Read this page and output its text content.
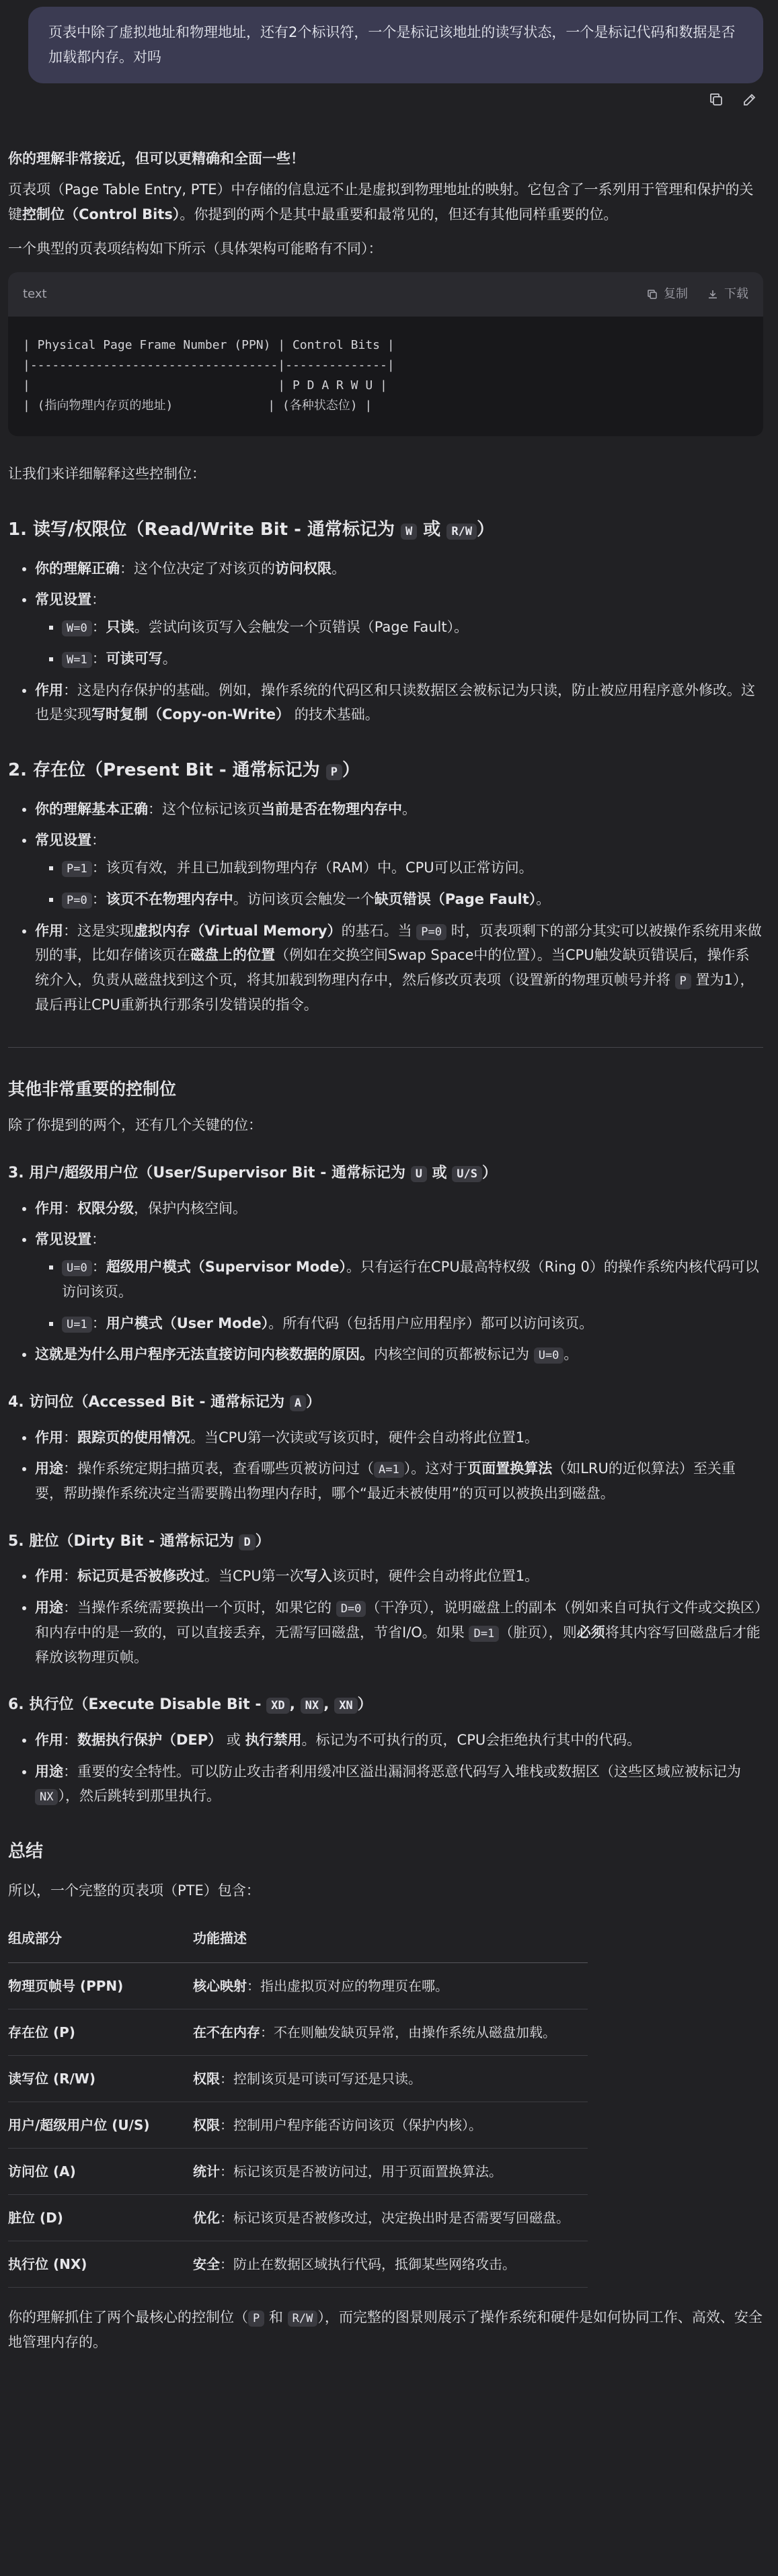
页表中除了虚拟地址和物理地址，还有2个标识符，一个是标记该地址的读写状态，一个是标记代码和数据是否加载都内存。对吗

你的理解非常接近，但可以更精确和全面一些！

页表项（Page Table Entry, PTE）中存储的信息远不止是虚拟到物理地址的映射。它包含了一系列用于管理和保护的关键控制位（Control Bits）。你提到的两个是其中最重要和最常见的，但还有其他同样重要的位。

一个典型的页表项结构如下所示（具体架构可能略有不同）：

text	复制	下载
| Physical Page Frame Number (PPN) | Control Bits |
|----------------------------------|--------------|
|                                  | P D A R W U |
| (指向物理内存页的地址)             | (各种状态位) |

让我们来详细解释这些控制位：

1. 读写/权限位（Read/Write Bit - 通常标记为 W 或 R/W ）
• 你的理解正确：这个位决定了对该页的访问权限。
• 常见设置：
▪ W=0 ：只读。尝试向该页写入会触发一个页错误（Page Fault）。
▪ W=1 ：可读可写。
• 作用：这是内存保护的基础。例如，操作系统的代码区和只读数据区会被标记为只读，防止被应用程序意外修改。这也是实现写时复制（Copy-on-Write） 的技术基础。
2. 存在位（Present Bit - 通常标记为 P ）
• 你的理解基本正确：这个位标记该页当前是否在物理内存中。
• 常见设置：
▪ P=1 ：该页有效，并且已加载到物理内存（RAM）中。CPU可以正常访问。
▪ P=0 ：该页不在物理内存中。访问该页会触发一个缺页错误（Page Fault）。
• 作用：这是实现虚拟内存（Virtual Memory）的基石。当 P=0 时，页表项剩下的部分其实可以被操作系统用来做别的事，比如存储该页在磁盘上的位置（例如在交换空间Swap Space中的位置）。当CPU触发缺页错误后，操作系统介入，负责从磁盘找到这个页，将其加载到物理内存中，然后修改页表项（设置新的物理页帧号并将 P 置为1），最后再让CPU重新执行那条引发错误的指令。
其他非常重要的控制位

除了你提到的两个，还有几个关键的位：

3. 用户/超级用户位（User/Supervisor Bit - 通常标记为 U 或 U/S ）
• 作用：权限分级，保护内核空间。
• 常见设置：
▪ U=0 ：超级用户模式（Supervisor Mode）。只有运行在CPU最高特权级（Ring 0）的操作系统内核代码可以访问该页。
▪ U=1 ：用户模式（User Mode）。所有代码（包括用户应用程序）都可以访问该页。
• 这就是为什么用户程序无法直接访问内核数据的原因。内核空间的页都被标记为 U=0 。
4. 访问位（Accessed Bit - 通常标记为 A ）
• 作用：跟踪页的使用情况。当CPU第一次读或写该页时，硬件会自动将此位置1。
• 用途：操作系统定期扫描页表，查看哪些页被访问过（ A=1 ）。这对于页面置换算法（如LRU的近似算法）至关重要，帮助操作系统决定当需要腾出物理内存时，哪个“最近未被使用”的页可以被换出到磁盘。
5. 脏位（Dirty Bit - 通常标记为 D ）
• 作用：标记页是否被修改过。当CPU第一次写入该页时，硬件会自动将此位置1。
• 用途：当操作系统需要换出一个页时，如果它的 D=0 （干净页），说明磁盘上的副本（例如来自可执行文件或交换区）和内存中的是一致的，可以直接丢弃，无需写回磁盘，节省I/O。如果 D=1 （脏页），则必须将其内容写回磁盘后才能释放该物理页帧。
6. 执行位（Execute Disable Bit - XD , NX , XN ）
• 作用：数据执行保护（DEP） 或 执行禁用。标记为不可执行的页，CPU会拒绝执行其中的代码。
• 用途：重要的安全特性。可以防止攻击者利用缓冲区溢出漏洞将恶意代码写入堆栈或数据区（这些区域应被标记为 NX ），然后跳转到那里执行。
总结

所以，一个完整的页表项（PTE）包含：

组成部分	功能描述
物理页帧号 (PPN)	核心映射：指出虚拟页对应的物理页在哪。
存在位 (P)	在不在内存：不在则触发缺页异常，由操作系统从磁盘加载。
读写位 (R/W)	权限：控制该页是可读可写还是只读。
用户/超级用户位 (U/S)	权限：控制用户程序能否访问该页（保护内核）。
访问位 (A)	统计：标记该页是否被访问过，用于页面置换算法。
脏位 (D)	优化：标记该页是否被修改过，决定换出时是否需要写回磁盘。
执行位 (NX)	安全：防止在数据区域执行代码，抵御某些网络攻击。

你的理解抓住了两个最核心的控制位（ P 和 R/W ），而完整的图景则展示了操作系统和硬件是如何协同工作、高效、安全地管理内存的。
